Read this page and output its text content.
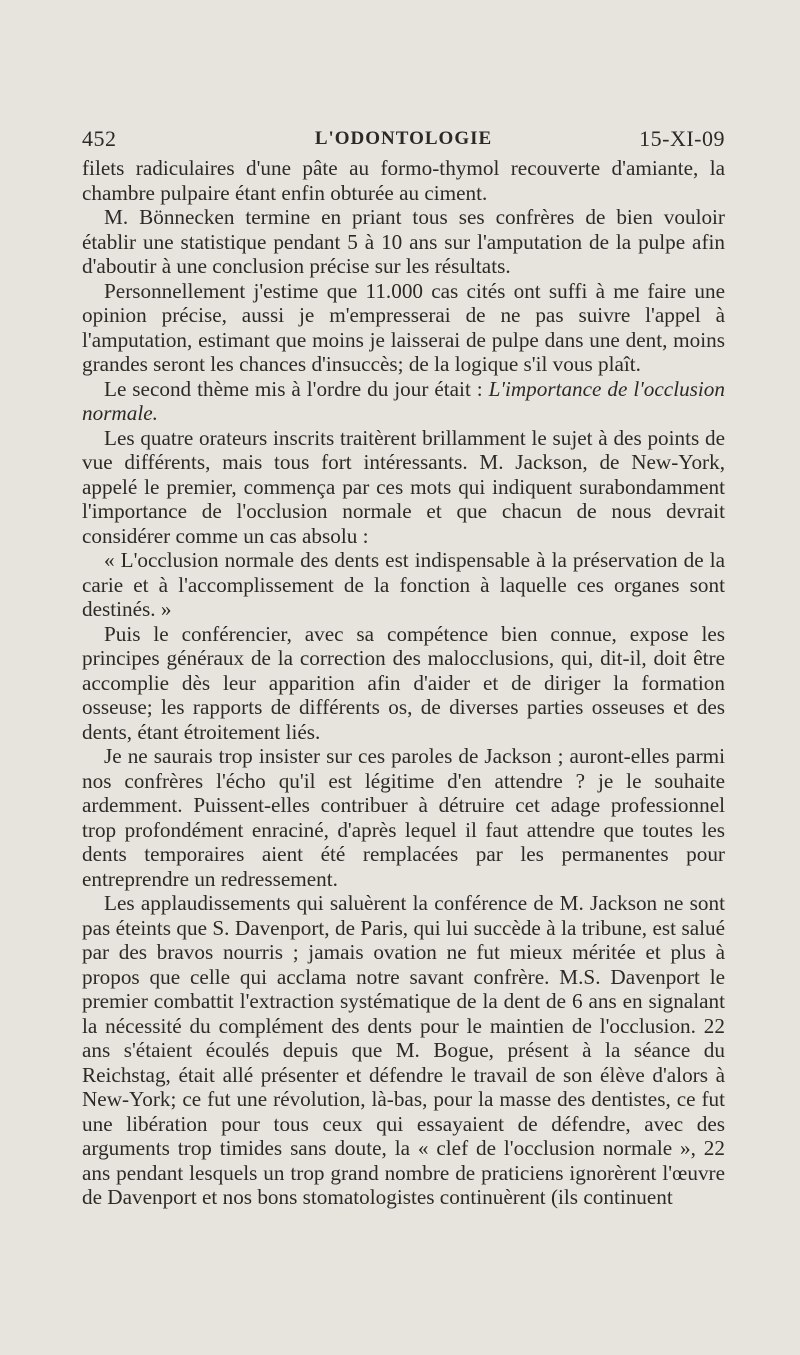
452	L'ODONTOLOGIE	15-XI-09

filets radiculaires d'une pâte au formo-thymol recouverte d'amiante, la chambre pulpaire étant enfin obturée au ciment.

M. Bönnecken termine en priant tous ses confrères de bien vouloir établir une statistique pendant 5 à 10 ans sur l'amputation de la pulpe afin d'aboutir à une conclusion précise sur les résultats.

Personnellement j'estime que 11.000 cas cités ont suffi à me faire une opinion précise, aussi je m'empresserai de ne pas suivre l'appel à l'amputation, estimant que moins je laisserai de pulpe dans une dent, moins grandes seront les chances d'insuccès; de la logique s'il vous plaît.

Le second thème mis à l'ordre du jour était : L'importance de l'occlusion normale.

Les quatre orateurs inscrits traitèrent brillamment le sujet à des points de vue différents, mais tous fort intéressants. M. Jackson, de New-York, appelé le premier, commença par ces mots qui indiquent surabondamment l'importance de l'occlusion normale et que chacun de nous devrait considérer comme un cas absolu :

« L'occlusion normale des dents est indispensable à la préservation de la carie et à l'accomplissement de la fonction à laquelle ces organes sont destinés. »

Puis le conférencier, avec sa compétence bien connue, expose les principes généraux de la correction des malocclusions, qui, dit-il, doit être accomplie dès leur apparition afin d'aider et de diriger la formation osseuse; les rapports de différents os, de diverses parties osseuses et des dents, étant étroitement liés.

Je ne saurais trop insister sur ces paroles de Jackson ; auront-elles parmi nos confrères l'écho qu'il est légitime d'en attendre ? je le souhaite ardemment. Puissent-elles contribuer à détruire cet adage professionnel trop profondément enraciné, d'après lequel il faut attendre que toutes les dents temporaires aient été remplacées par les permanentes pour entreprendre un redressement.

Les applaudissements qui saluèrent la conférence de M. Jackson ne sont pas éteints que S. Davenport, de Paris, qui lui succède à la tribune, est salué par des bravos nourris ; jamais ovation ne fut mieux méritée et plus à propos que celle qui acclama notre savant confrère. M.S. Davenport le premier combattit l'extraction systématique de la dent de 6 ans en signalant la nécessité du complément des dents pour le maintien de l'occlusion. 22 ans s'étaient écoulés depuis que M. Bogue, présent à la séance du Reichstag, était allé présenter et défendre le travail de son élève d'alors à New-York; ce fut une révolution, là-bas, pour la masse des dentistes, ce fut une libération pour tous ceux qui essayaient de défendre, avec des arguments trop timides sans doute, la « clef de l'occlusion normale », 22 ans pendant lesquels un trop grand nombre de praticiens ignorèrent l'œuvre de Davenport et nos bons stomatologistes continuèrent (ils continuent
